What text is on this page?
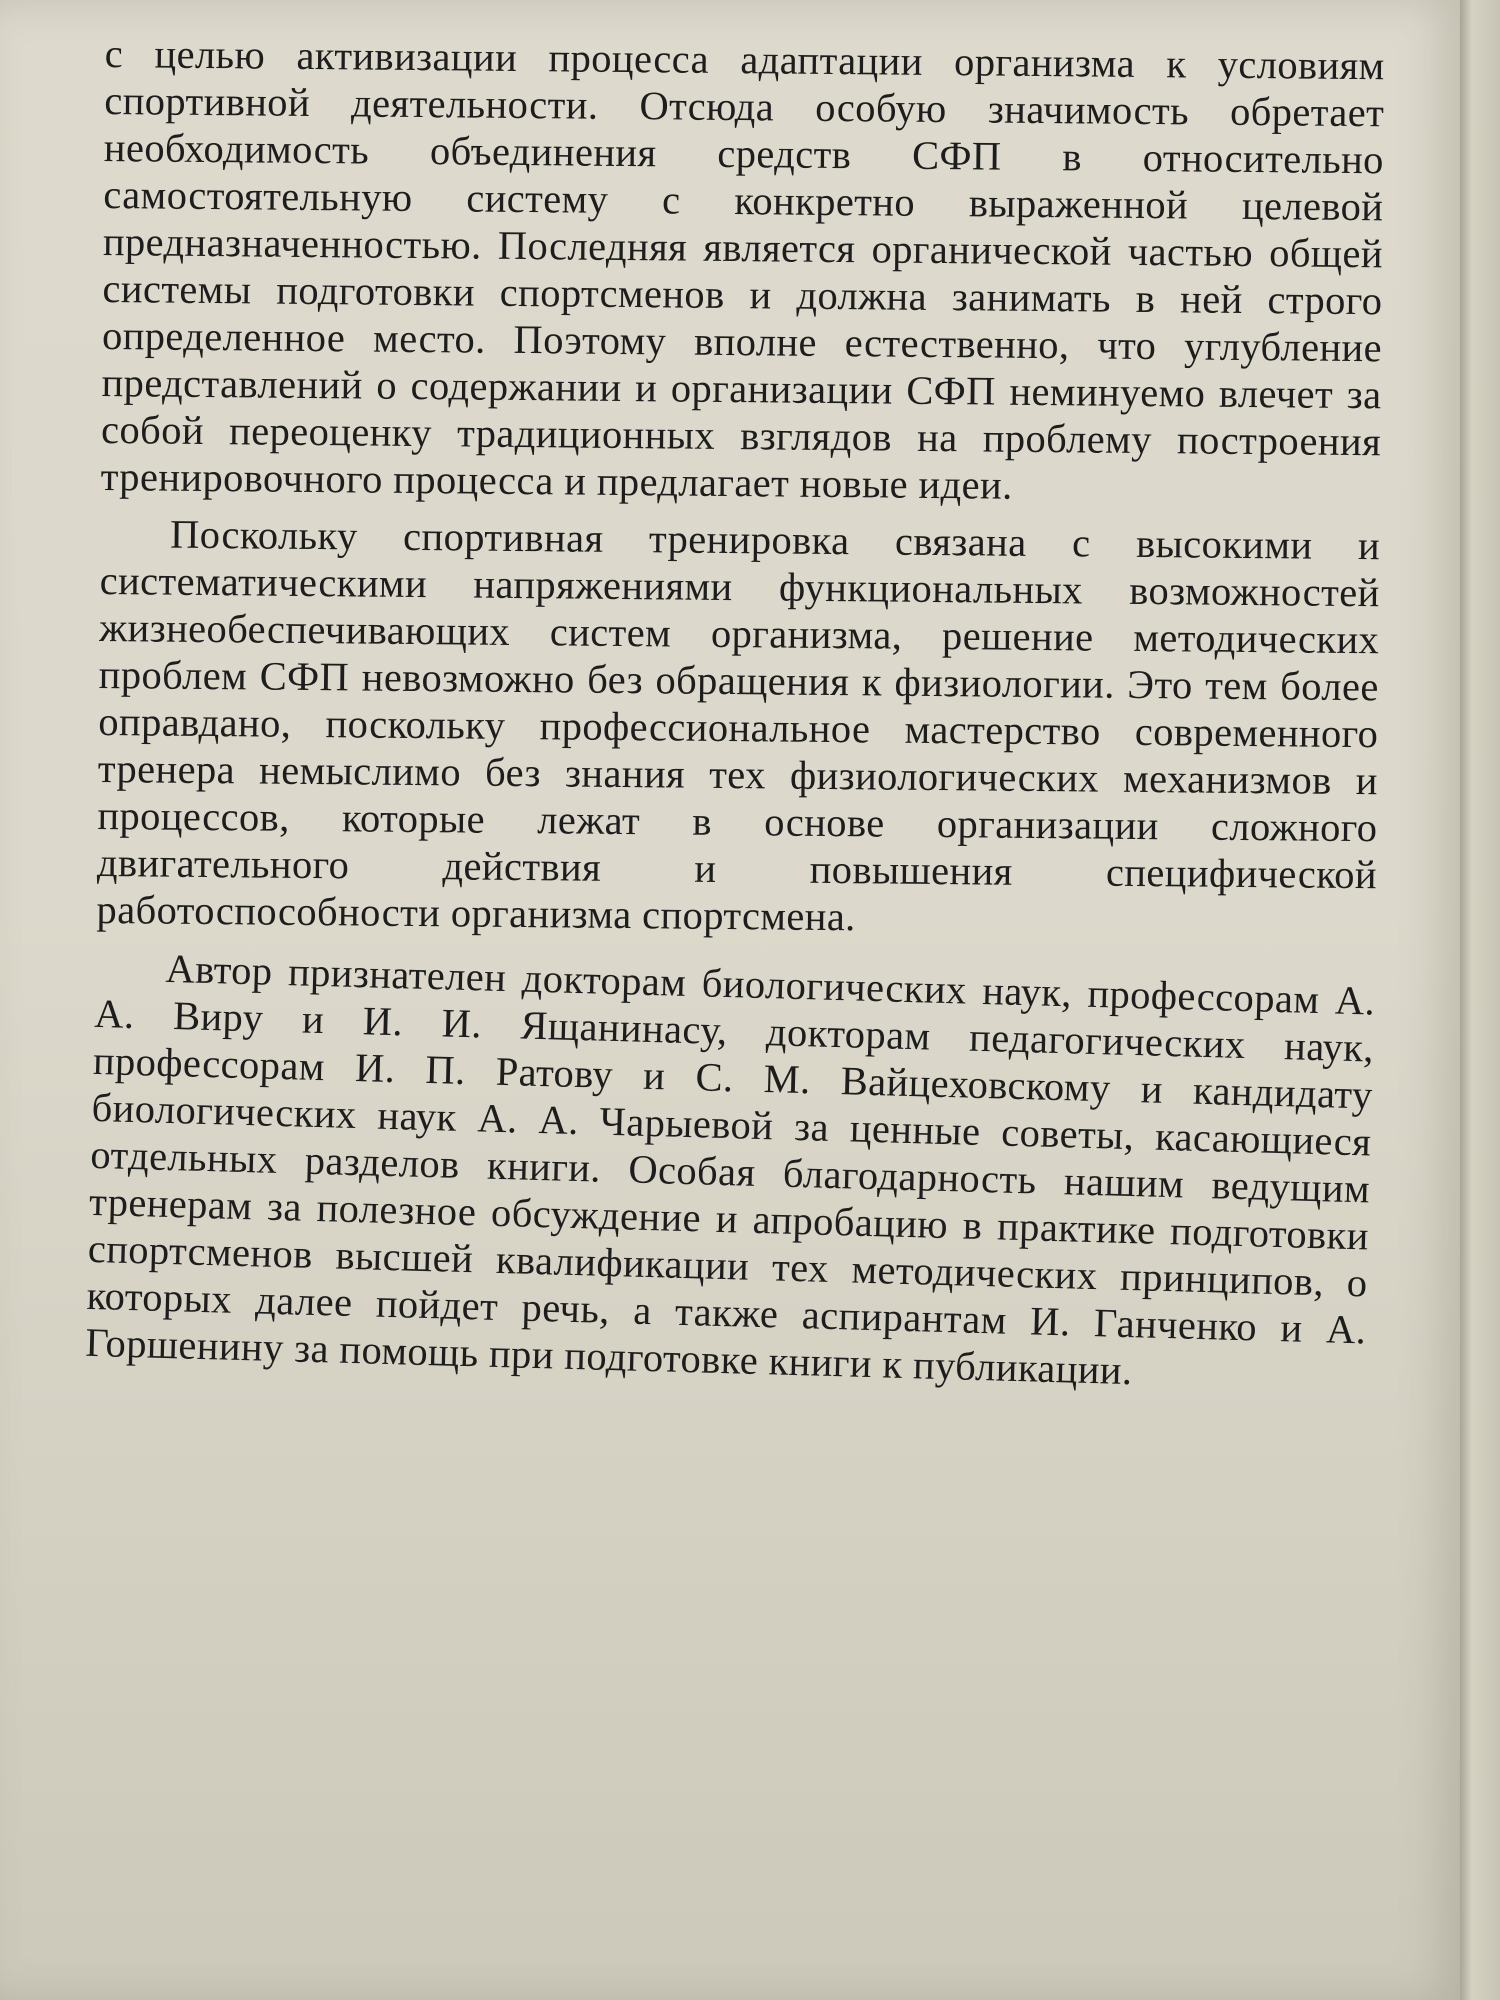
с целью активизации процесса адаптации организма к условиям спортивной деятельности. Отсюда особую значимость обретает необходимость объединения средств СФП в относительно самостоятельную систему с конкретно выраженной целевой предназначенностью. Последняя является органической частью общей системы подготовки спортсменов и должна занимать в ней строго определенное место. Поэтому вполне естественно, что углубление представлений о содержании и организации СФП неминуемо влечет за собой переоценку традиционных взглядов на проблему построения тренировочного процесса и предлагает новые идеи.

Поскольку спортивная тренировка связана с высокими и систематическими напряжениями функциональных возможностей жизнеобеспечивающих систем организма, решение методических проблем СФП невозможно без обращения к физиологии. Это тем более оправдано, поскольку профессиональное мастерство современного тренера немыслимо без знания тех физиологических механизмов и процессов, которые лежат в основе организации сложного двигательного действия и повышения специфической работоспособности организма спортсмена.

Автор признателен докторам биологических наук, профессорам А. А. Виру и И. И. Ящанинасу, докторам педагогических наук, профессорам И. П. Ратову и С. М. Вайцеховскому и кандидату биологических наук А. А. Чарыевой за ценные советы, касающиеся отдельных разделов книги. Особая благодарность нашим ведущим тренерам за полезное обсуждение и апробацию в практике подготовки спортсменов высшей квалификации тех методических принципов, о которых далее пойдет речь, а также аспирантам И. Ганченко и А. Горшенину за помощь при подготовке книги к публикации.
